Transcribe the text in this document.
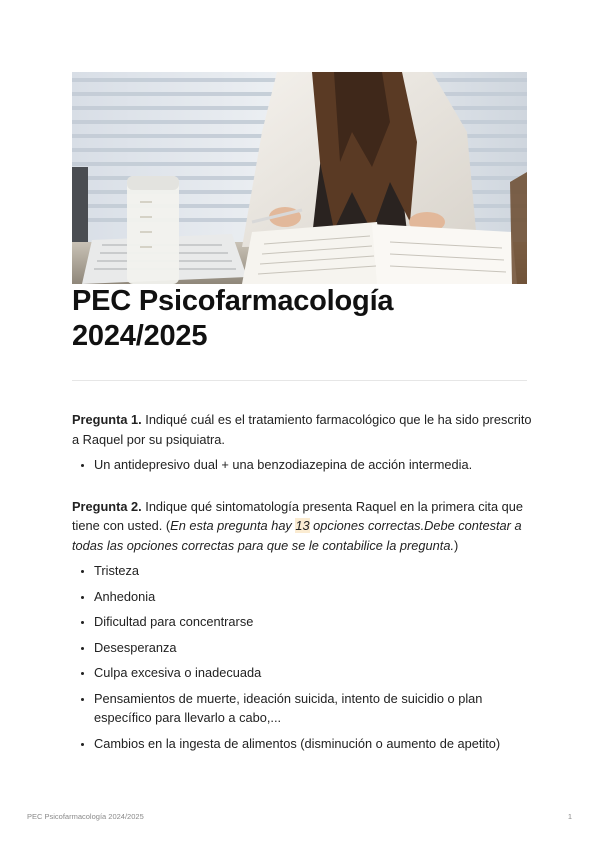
PEC Psicofarmacología 2024/2025

Pregunta 1. Indiqué cuál es el tratamiento farmacológico que le ha sido prescrito a Raquel por su psiquiatra.

• Un antidepresivo dual + una benzodiazepina de acción intermedia.

Pregunta 2. Indique qué sintomatología presenta Raquel en la primera cita que tiene con usted. (En esta pregunta hay 13 opciones correctas.Debe contestar a todas las opciones correctas para que se le contabilice la pregunta.)

• Tristeza
• Anhedonia
• Dificultad para concentrarse
• Desesperanza
• Culpa excesiva o inadecuada
• Pensamientos de muerte, ideación suicida, intento de suicidio o plan específico para llevarlo a cabo,...
• Cambios en la ingesta de alimentos (disminución o aumento de apetito)
PEC Psicofarmacología 2024/2025	1
